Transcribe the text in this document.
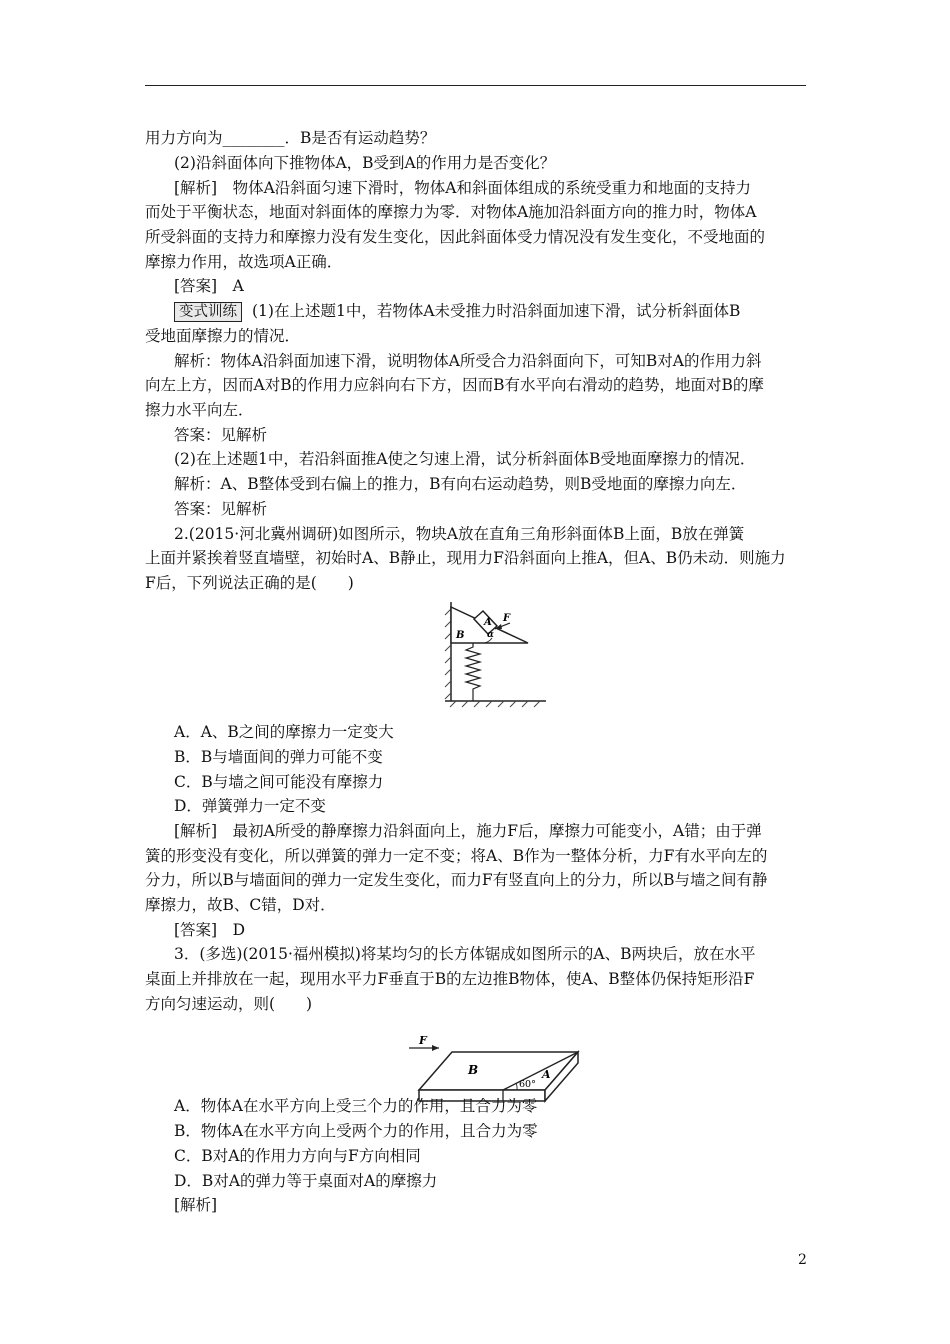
用力方向为________．B是否有运动趋势？
(2)沿斜面体向下推物体A，B受到A的作用力是否变化？
[解析]　物体A沿斜面匀速下滑时，物体A和斜面体组成的系统受重力和地面的支持力
而处于平衡状态，地面对斜面体的摩擦力为零．对物体A施加沿斜面方向的推力时，物体A
所受斜面的支持力和摩擦力没有发生变化，因此斜面体受力情况没有发生变化，不受地面的
摩擦力作用，故选项A正确．
[答案]　A
变式训练 (1)在上述题1中，若物体A未受推力时沿斜面加速下滑，试分析斜面体B
受地面摩擦力的情况．
解析：物体A沿斜面加速下滑，说明物体A所受合力沿斜面向下，可知B对A的作用力斜
向左上方，因而A对B的作用力应斜向右下方，因而B有水平向右滑动的趋势，地面对B的摩
擦力水平向左．
答案：见解析
(2)在上述题1中，若沿斜面推A使之匀速上滑，试分析斜面体B受地面摩擦力的情况．
解析：A、B整体受到右偏上的推力，B有向右运动趋势，则B受地面的摩擦力向左．
答案：见解析
2.(2015·河北冀州调研)如图所示，物块A放在直角三角形斜面体B上面，B放在弹簧
上面并紧挨着竖直墙壁，初始时A、B静止，现用力F沿斜面向上推A，但A、B仍未动．则施力
F后，下列说法正确的是(　　)
A
B
F
α
A．A、B之间的摩擦力一定变大
B．B与墙面间的弹力可能不变
C．B与墙之间可能没有摩擦力
D．弹簧弹力一定不变
[解析]　最初A所受的静摩擦力沿斜面向上，施力F后，摩擦力可能变小，A错；由于弹
簧的形变没有变化，所以弹簧的弹力一定不变；将A、B作为一整体分析，力F有水平向左的
分力，所以B与墙面间的弹力一定发生变化，而力F有竖直向上的分力，所以B与墙之间有静
摩擦力，故B、C错，D对．
[答案]　D
3．(多选)(2015·福州模拟)将某均匀的长方体锯成如图所示的A、B两块后，放在水平
桌面上并排放在一起，现用水平力F垂直于B的左边推B物体，使A、B整体仍保持矩形沿F
方向匀速运动，则(　　)
F
B	A
60°
A．物体A在水平方向上受三个力的作用，且合力为零
B．物体A在水平方向上受两个力的作用，且合力为零
C．B对A的作用力方向与F方向相同
D．B对A的弹力等于桌面对A的摩擦力
[解析]
2
